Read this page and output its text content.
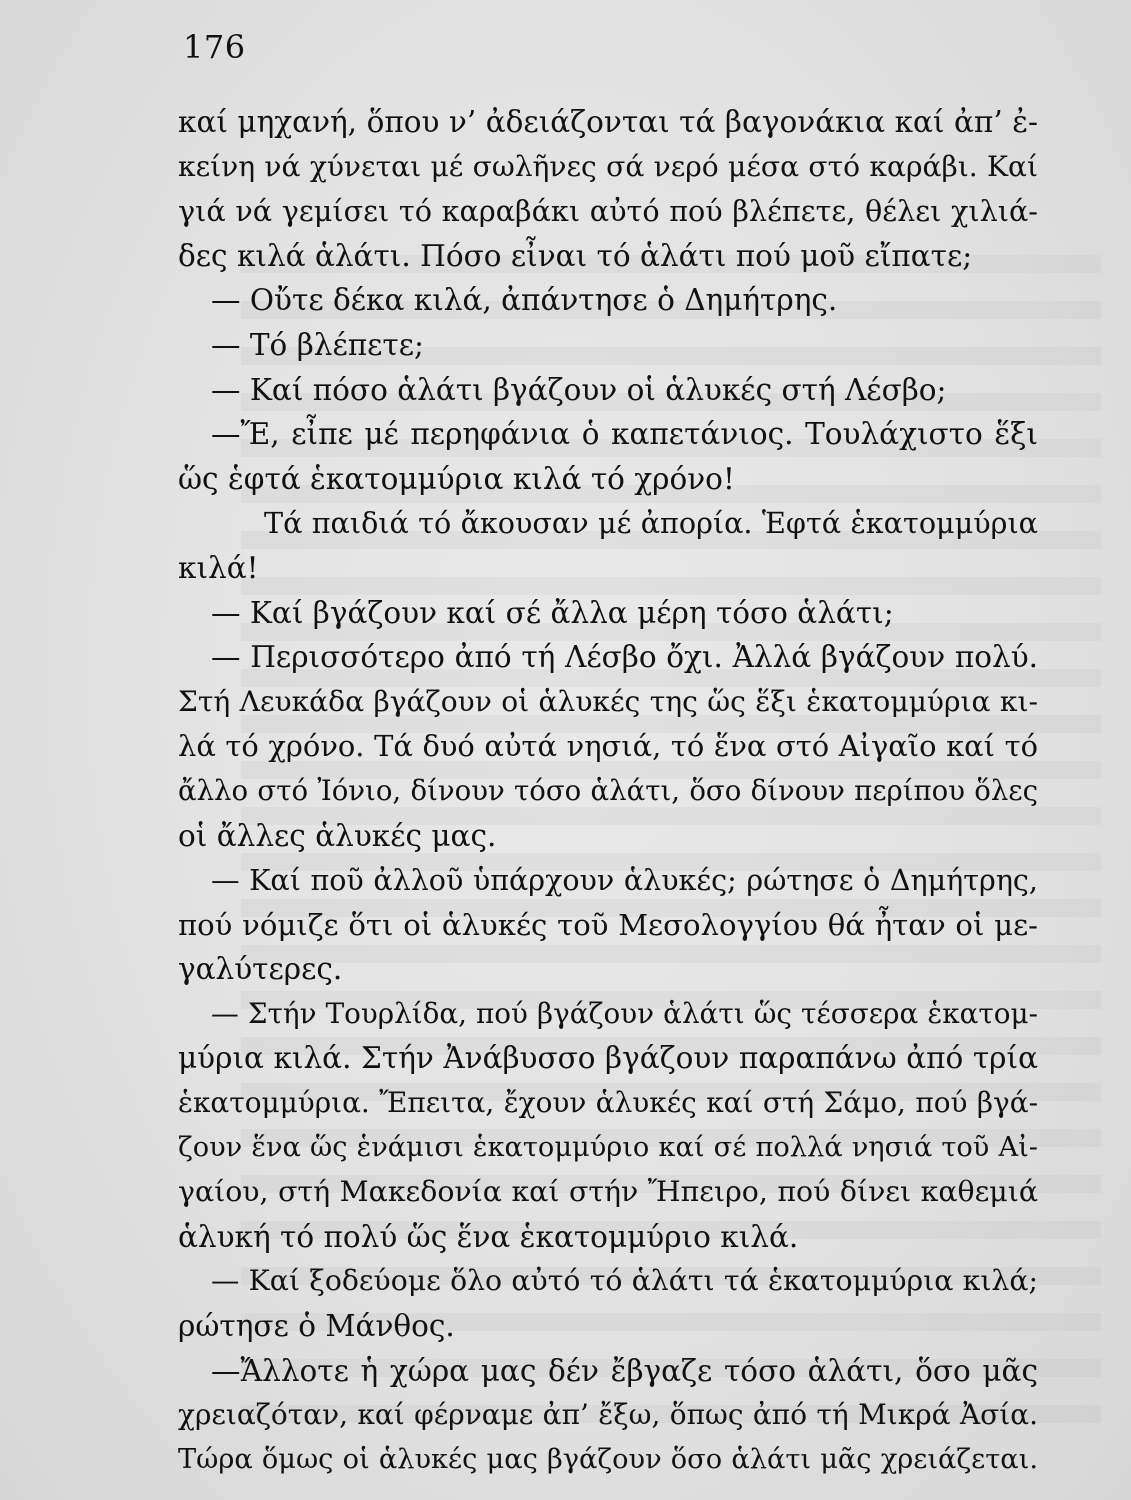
176
καί μηχανή, ὅπου ν’ ἀδειάζονται τά βαγονάκια καί ἀπ’ ἐ-
κείνη νά χύνεται μέ σωλῆνες σά νερό μέσα στό καράβι. Καί
γιά νά γεμίσει τό καραβάκι αὐτό πού βλέπετε, θέλει χιλιά-
δες κιλά ἁλάτι. Πόσο εἶναι τό ἁλάτι πού μοῦ εἴπατε;
— Οὔτε δέκα κιλά, ἀπάντησε ὁ Δημήτρης.
— Τό βλέπετε;
— Καί πόσο ἁλάτι βγάζουν οἱ ἁλυκές στή Λέσβο;
—Ἔ, εἶπε μέ περηφάνια ὁ καπετάνιος. Τουλάχιστο ἕξι
ὥς ἑφτά ἑκατομμύρια κιλά τό χρόνο!
Τά παιδιά τό ἄκουσαν μέ ἀπορία. Ἑφτά ἑκατομμύρια
κιλά!
— Καί βγάζουν καί σέ ἄλλα μέρη τόσο ἁλάτι;
— Περισσότερο ἀπό τή Λέσβο ὄχι. Ἀλλά βγάζουν πολύ.
Στή Λευκάδα βγάζουν οἱ ἁλυκές της ὥς ἕξι ἑκατομμύρια κι-
λά τό χρόνο. Τά δυό αὐτά νησιά, τό ἕνα στό Αἰγαῖο καί τό
ἄλλο στό Ἰόνιο, δίνουν τόσο ἁλάτι, ὅσο δίνουν περίπου ὅλες
οἱ ἄλλες ἁλυκές μας.
— Καί ποῦ ἀλλοῦ ὑπάρχουν ἁλυκές; ρώτησε ὁ Δημήτρης,
πού νόμιζε ὅτι οἱ ἁλυκές τοῦ Μεσολογγίου θά ἦταν οἱ με-
γαλύτερες.
— Στήν Τουρλίδα, πού βγάζουν ἁλάτι ὥς τέσσερα ἑκατομ-
μύρια κιλά. Στήν Ἀνάβυσσο βγάζουν παραπάνω ἀπό τρία
ἑκατομμύρια. Ἔπειτα, ἔχουν ἁλυκές καί στή Σάμο, πού βγά-
ζουν ἕνα ὥς ἑνάμισι ἑκατομμύριο καί σέ πολλά νησιά τοῦ Αἰ-
γαίου, στή Μακεδονία καί στήν Ἤπειρο, πού δίνει καθεμιά
ἁλυκή τό πολύ ὥς ἕνα ἑκατομμύριο κιλά.
— Καί ξοδεύομε ὅλο αὐτό τό ἁλάτι τά ἑκατομμύρια κιλά;
ρώτησε ὁ Μάνθος.
—Ἄλλοτε ἡ χώρα μας δέν ἔβγαζε τόσο ἁλάτι, ὅσο μᾶς
χρειαζόταν, καί φέρναμε ἀπ’ ἔξω, ὅπως ἀπό τή Μικρά Ἀσία.
Τώρα ὅμως οἱ ἁλυκές μας βγάζουν ὅσο ἁλάτι μᾶς χρειάζεται.
